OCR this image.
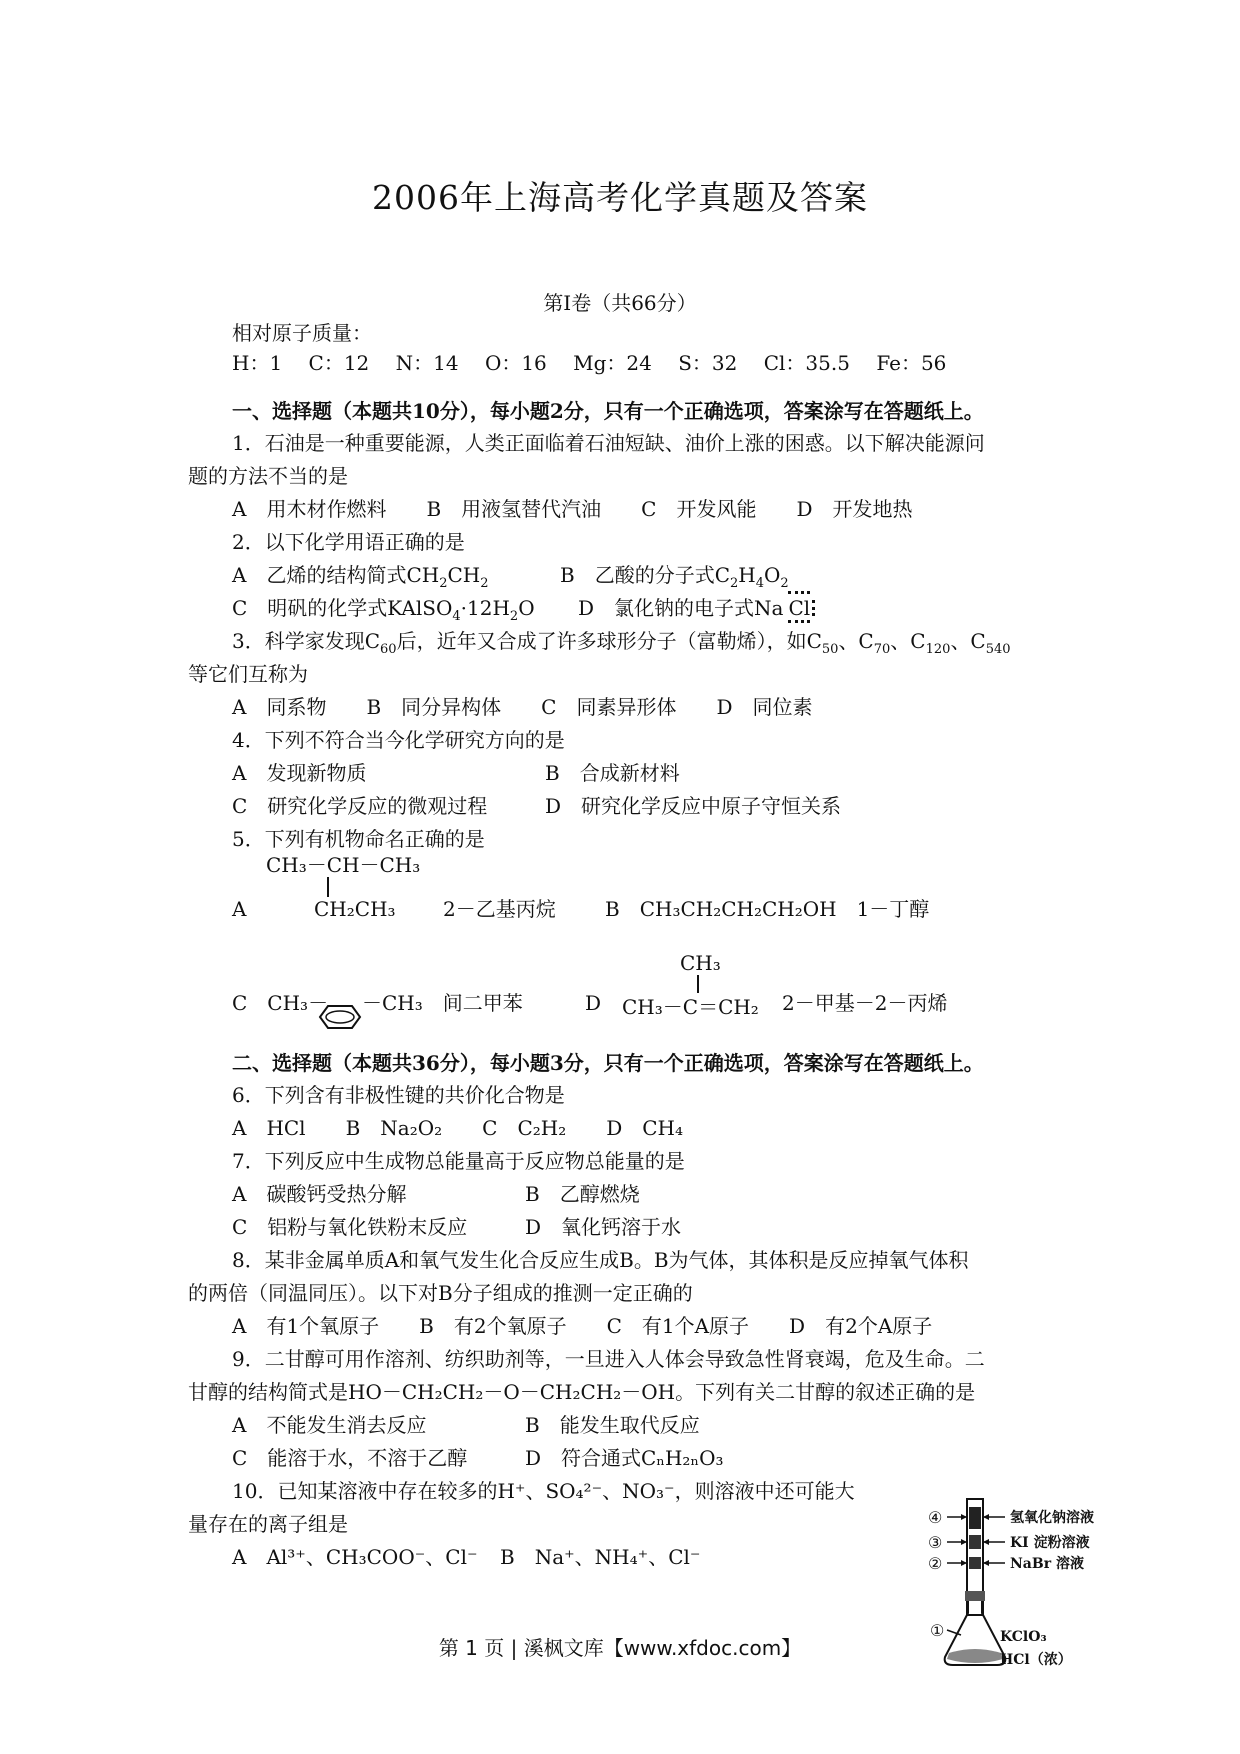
2006年上海高考化学真题及答案
第I卷（共66分）
相对原子质量：
H：1　 C：12　 N：14　 O：16　 Mg：24　 S：32　 Cl：35.5　 Fe：56
一、选择题（本题共10分），每小题2分，只有一个正确选项，答案涂写在答题纸上。
1．石油是一种重要能源，人类正面临着石油短缺、油价上涨的困惑。以下解决能源问
题的方法不当的是
A　用木材作燃料　　B　用液氢替代汽油　　C　开发风能　　D　开发地热
2．以下化学用语正确的是
A　乙烯的结构简式$CH_2CH_2$	B　乙酸的分子式$C_2H_4O_2$
C　明矾的化学式$KAlSO_4\cdot 12H_2O$ D　氯化钠的电子式Na Cl
3．科学家发现$C_{60}$后，近年又合成了许多球形分子（富勒烯），如$C_{50}$、$C_{70}$、$C_{120}$、$C_{540}$
等它们互称为
A　同系物　　B　同分异构体　　C　同素异形体　　D　同位素
4．下列不符合当今化学研究方向的是
A　发现新物质	B　合成新材料
C　研究化学反应的微观过程	D　研究化学反应中原子守恒关系
5．下列有机物命名正确的是
CH₃－CH－CH₃
A	CH₂CH₃ 2－乙基丙烷 B　CH₃CH₂CH₂CH₂OH　1－丁醇
C　CH₃－ －CH₃　间二甲苯
CH₃
D CH₃－C＝CH₂ 2－甲基－2－丙烯
二、选择题（本题共36分），每小题3分，只有一个正确选项，答案涂写在答题纸上。
6．下列含有非极性键的共价化合物是
A　HCl　　B　Na₂O₂　　C　C₂H₂　　D　CH₄
7．下列反应中生成物总能量高于反应物总能量的是
A　碳酸钙受热分解	B　乙醇燃烧
C　铝粉与氧化铁粉末反应	D　氧化钙溶于水
8．某非金属单质A和氧气发生化合反应生成B。B为气体，其体积是反应掉氧气体积
的两倍（同温同压）。以下对B分子组成的推测一定正确的
A　有1个氧原子　　B　有2个氧原子　　C　有1个A原子　　D　有2个A原子
9．二甘醇可用作溶剂、纺织助剂等，一旦进入人体会导致急性肾衰竭，危及生命。二
甘醇的结构简式是HO－CH₂CH₂－O－CH₂CH₂－OH。下列有关二甘醇的叙述正确的是
A　不能发生消去反应	B　能发生取代反应
C　能溶于水，不溶于乙醇	D　符合通式CₙH₂ₙO₃
10．已知某溶液中存在较多的H⁺、SO₄²⁻、NO₃⁻，则溶液中还可能大
量存在的离子组是
A　Al³⁺、CH₃COO⁻、Cl⁻ B　Na⁺、NH₄⁺、Cl⁻
④	氢氧化钠溶液
③	KI 淀粉溶液
②	NaBr 溶液
①	KClO₃
HCl（浓）
第 1 页 | 溪枫文库【www.xfdoc.com】
